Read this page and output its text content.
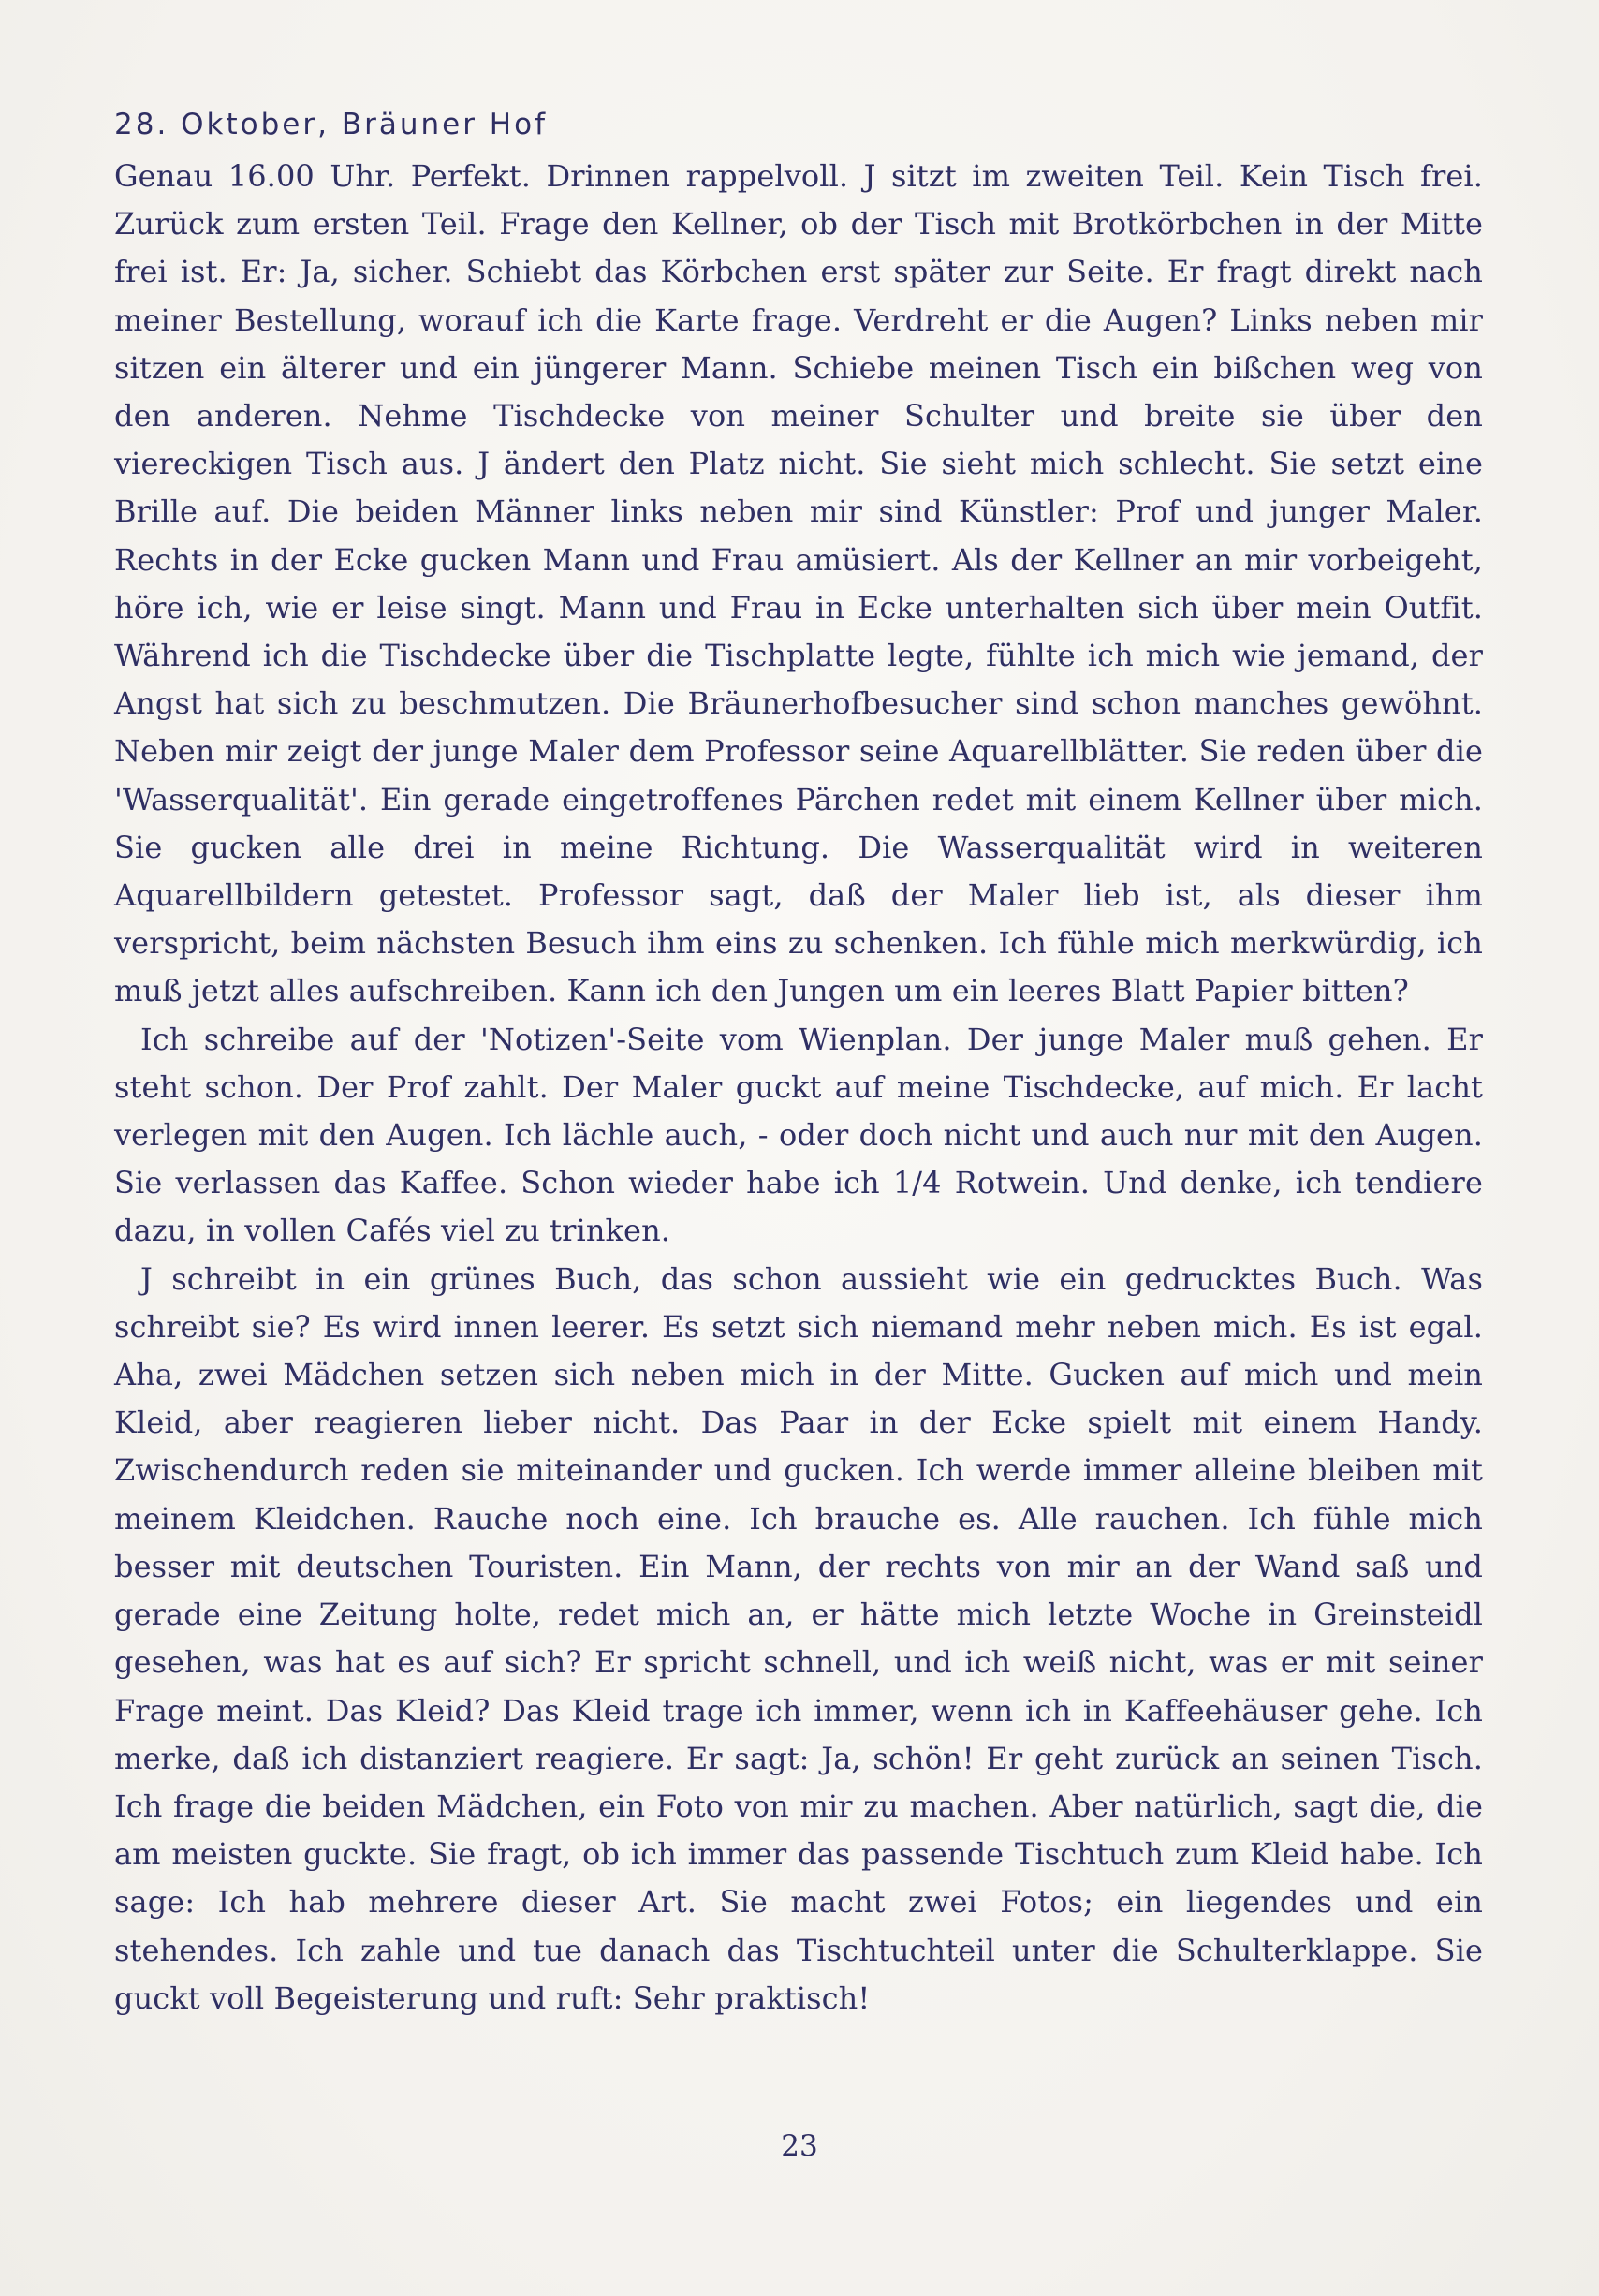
28. Oktober, Bräuner Hof

Genau 16.00 Uhr. Perfekt. Drinnen rappelvoll. J sitzt im zweiten Teil. Kein Tisch frei. Zurück zum ersten Teil. Frage den Kellner, ob der Tisch mit Brotkörbchen in der Mitte frei ist. Er: Ja, sicher. Schiebt das Körbchen erst später zur Seite. Er fragt direkt nach meiner Bestellung, worauf ich die Karte frage. Verdreht er die Augen? Links neben mir sitzen ein älterer und ein jüngerer Mann. Schiebe meinen Tisch ein bißchen weg von den anderen. Nehme Tischdecke von meiner Schulter und breite sie über den viereckigen Tisch aus. J ändert den Platz nicht. Sie sieht mich schlecht. Sie setzt eine Brille auf. Die beiden Männer links neben mir sind Künstler: Prof und junger Maler. Rechts in der Ecke gucken Mann und Frau amüsiert. Als der Kellner an mir vorbeigeht, höre ich, wie er leise singt. Mann und Frau in Ecke unterhalten sich über mein Outfit. Während ich die Tischdecke über die Tischplatte legte, fühlte ich mich wie jemand, der Angst hat sich zu beschmutzen. Die Bräunerhofbesucher sind schon manches gewöhnt. Neben mir zeigt der junge Maler dem Professor seine Aquarellblätter. Sie reden über die 'Wasserqualität'. Ein gerade eingetroffenes Pärchen redet mit einem Kellner über mich. Sie gucken alle drei in meine Richtung. Die Wasserqualität wird in weiteren Aquarellbildern getestet. Professor sagt, daß der Maler lieb ist, als dieser ihm verspricht, beim nächsten Besuch ihm eins zu schenken. Ich fühle mich merkwürdig, ich muß jetzt alles aufschreiben. Kann ich den Jungen um ein leeres Blatt Papier bitten?

Ich schreibe auf der 'Notizen'-Seite vom Wienplan. Der junge Maler muß gehen. Er steht schon. Der Prof zahlt. Der Maler guckt auf meine Tischdecke, auf mich. Er lacht verlegen mit den Augen. Ich lächle auch, - oder doch nicht und auch nur mit den Augen. Sie verlassen das Kaffee. Schon wieder habe ich 1/4 Rotwein. Und denke, ich tendiere dazu, in vollen Cafés viel zu trinken.

J schreibt in ein grünes Buch, das schon aussieht wie ein gedrucktes Buch. Was schreibt sie? Es wird innen leerer. Es setzt sich niemand mehr neben mich. Es ist egal. Aha, zwei Mädchen setzen sich neben mich in der Mitte. Gucken auf mich und mein Kleid, aber reagieren lieber nicht. Das Paar in der Ecke spielt mit einem Handy. Zwischendurch reden sie miteinander und gucken. Ich werde immer alleine bleiben mit meinem Kleidchen. Rauche noch eine. Ich brauche es. Alle rauchen. Ich fühle mich besser mit deutschen Touristen. Ein Mann, der rechts von mir an der Wand saß und gerade eine Zeitung holte, redet mich an, er hätte mich letzte Woche in Greinsteidl gesehen, was hat es auf sich? Er spricht schnell, und ich weiß nicht, was er mit seiner Frage meint. Das Kleid? Das Kleid trage ich immer, wenn ich in Kaffeehäuser gehe. Ich merke, daß ich distanziert reagiere. Er sagt: Ja, schön! Er geht zurück an seinen Tisch. Ich frage die beiden Mädchen, ein Foto von mir zu machen. Aber natürlich, sagt die, die am meisten guckte. Sie fragt, ob ich immer das passende Tischtuch zum Kleid habe. Ich sage: Ich hab mehrere dieser Art. Sie macht zwei Fotos; ein liegendes und ein stehendes. Ich zahle und tue danach das Tischtuchteil unter die Schulterklappe. Sie guckt voll Begeisterung und ruft: Sehr praktisch!

23
